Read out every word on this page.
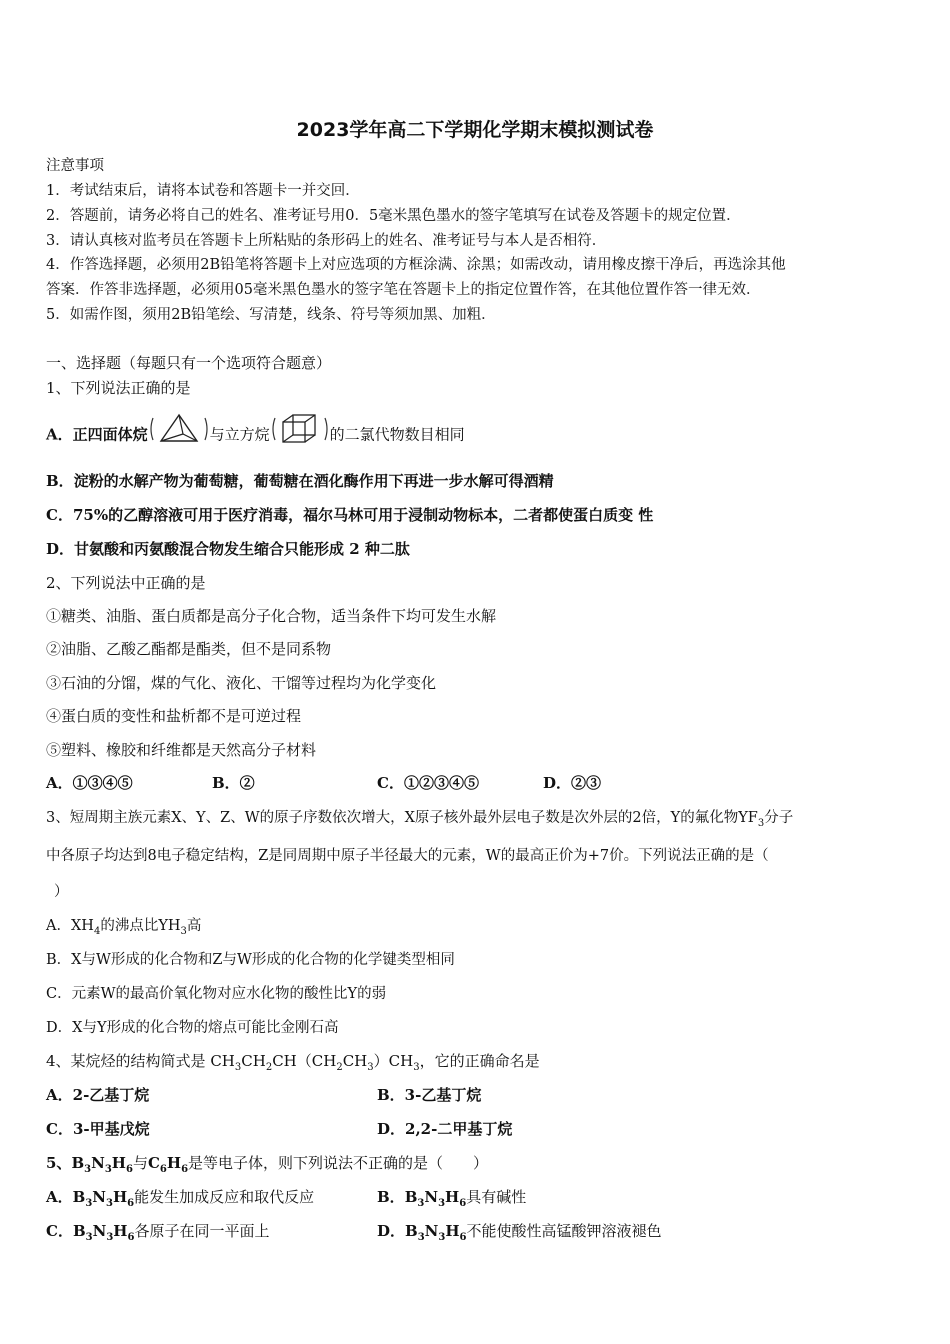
2023学年高二下学期化学期末模拟测试卷
注意事项
1．考试结束后，请将本试卷和答题卡一并交回．
2．答题前，请务必将自己的姓名、准考证号用0．5毫米黑色墨水的签字笔填写在试卷及答题卡的规定位置．
3．请认真核对监考员在答题卡上所粘贴的条形码上的姓名、准考证号与本人是否相符．
4．作答选择题，必须用2B铅笔将答题卡上对应选项的方框涂满、涂黑；如需改动，请用橡皮擦干净后，再选涂其他
答案．作答非选择题，必须用05毫米黑色墨水的签字笔在答题卡上的指定位置作答，在其他位置作答一律无效．
5．如需作图，须用2B铅笔绘、写清楚，线条、符号等须加黑、加粗．
一、选择题（每题只有一个选项符合题意）
1、下列说法正确的是
A．正四面体烷	与立方烷	的二氯代物数目相同
B．淀粉的水解产物为葡萄糖，葡萄糖在酒化酶作用下再进一步水解可得酒精
C．75%的乙醇溶液可用于医疗消毒，福尔马林可用于浸制动物标本，二者都使蛋白质变 性
D．甘氨酸和丙氨酸混合物发生缩合只能形成 2 种二肽
2、下列说法中正确的是
①糖类、油脂、蛋白质都是高分子化合物，适当条件下均可发生水解
②油脂、乙酸乙酯都是酯类，但不是同系物
③石油的分馏，煤的气化、液化、干馏等过程均为化学变化
④蛋白质的变性和盐析都不是可逆过程
⑤塑料、橡胶和纤维都是天然高分子材料
A．①③④⑤	B．②	C．①②③④⑤	D．②③
3、短周期主族元素X、Y、Z、W的原子序数依次增大，X原子核外最外层电子数是次外层的2倍，Y的氟化物$YF_3$分子
中各原子均达到8电子稳定结构，Z是同周期中原子半径最大的元素，W的最高正价为+7价。下列说法正确的是（
）
A．$XH_4$的沸点比$YH_3$高
B．X与W形成的化合物和Z与W形成的化合物的化学键类型相同
C．元素W的最高价氧化物对应水化物的酸性比Y的弱
D．X与Y形成的化合物的熔点可能比金刚石高
4、某烷烃的结构简式是 $CH_3CH_2CH(CH_2CH_3)CH_3$，它的正确命名是
A．2-乙基丁烷	B．3-乙基丁烷
C．3-甲基戊烷	D．2,2-二甲基丁烷
5、$B_3N_3H_6$与$C_6H_6$是等电子体，则下列说法不正确的是（　　）
A．$B_3N_3H_6$能发生加成反应和取代反应	B．$B_3N_3H_6$具有碱性
C．$B_3N_3H_6$各原子在同一平面上	D．$B_3N_3H_6$不能使酸性高锰酸钾溶液褪色
